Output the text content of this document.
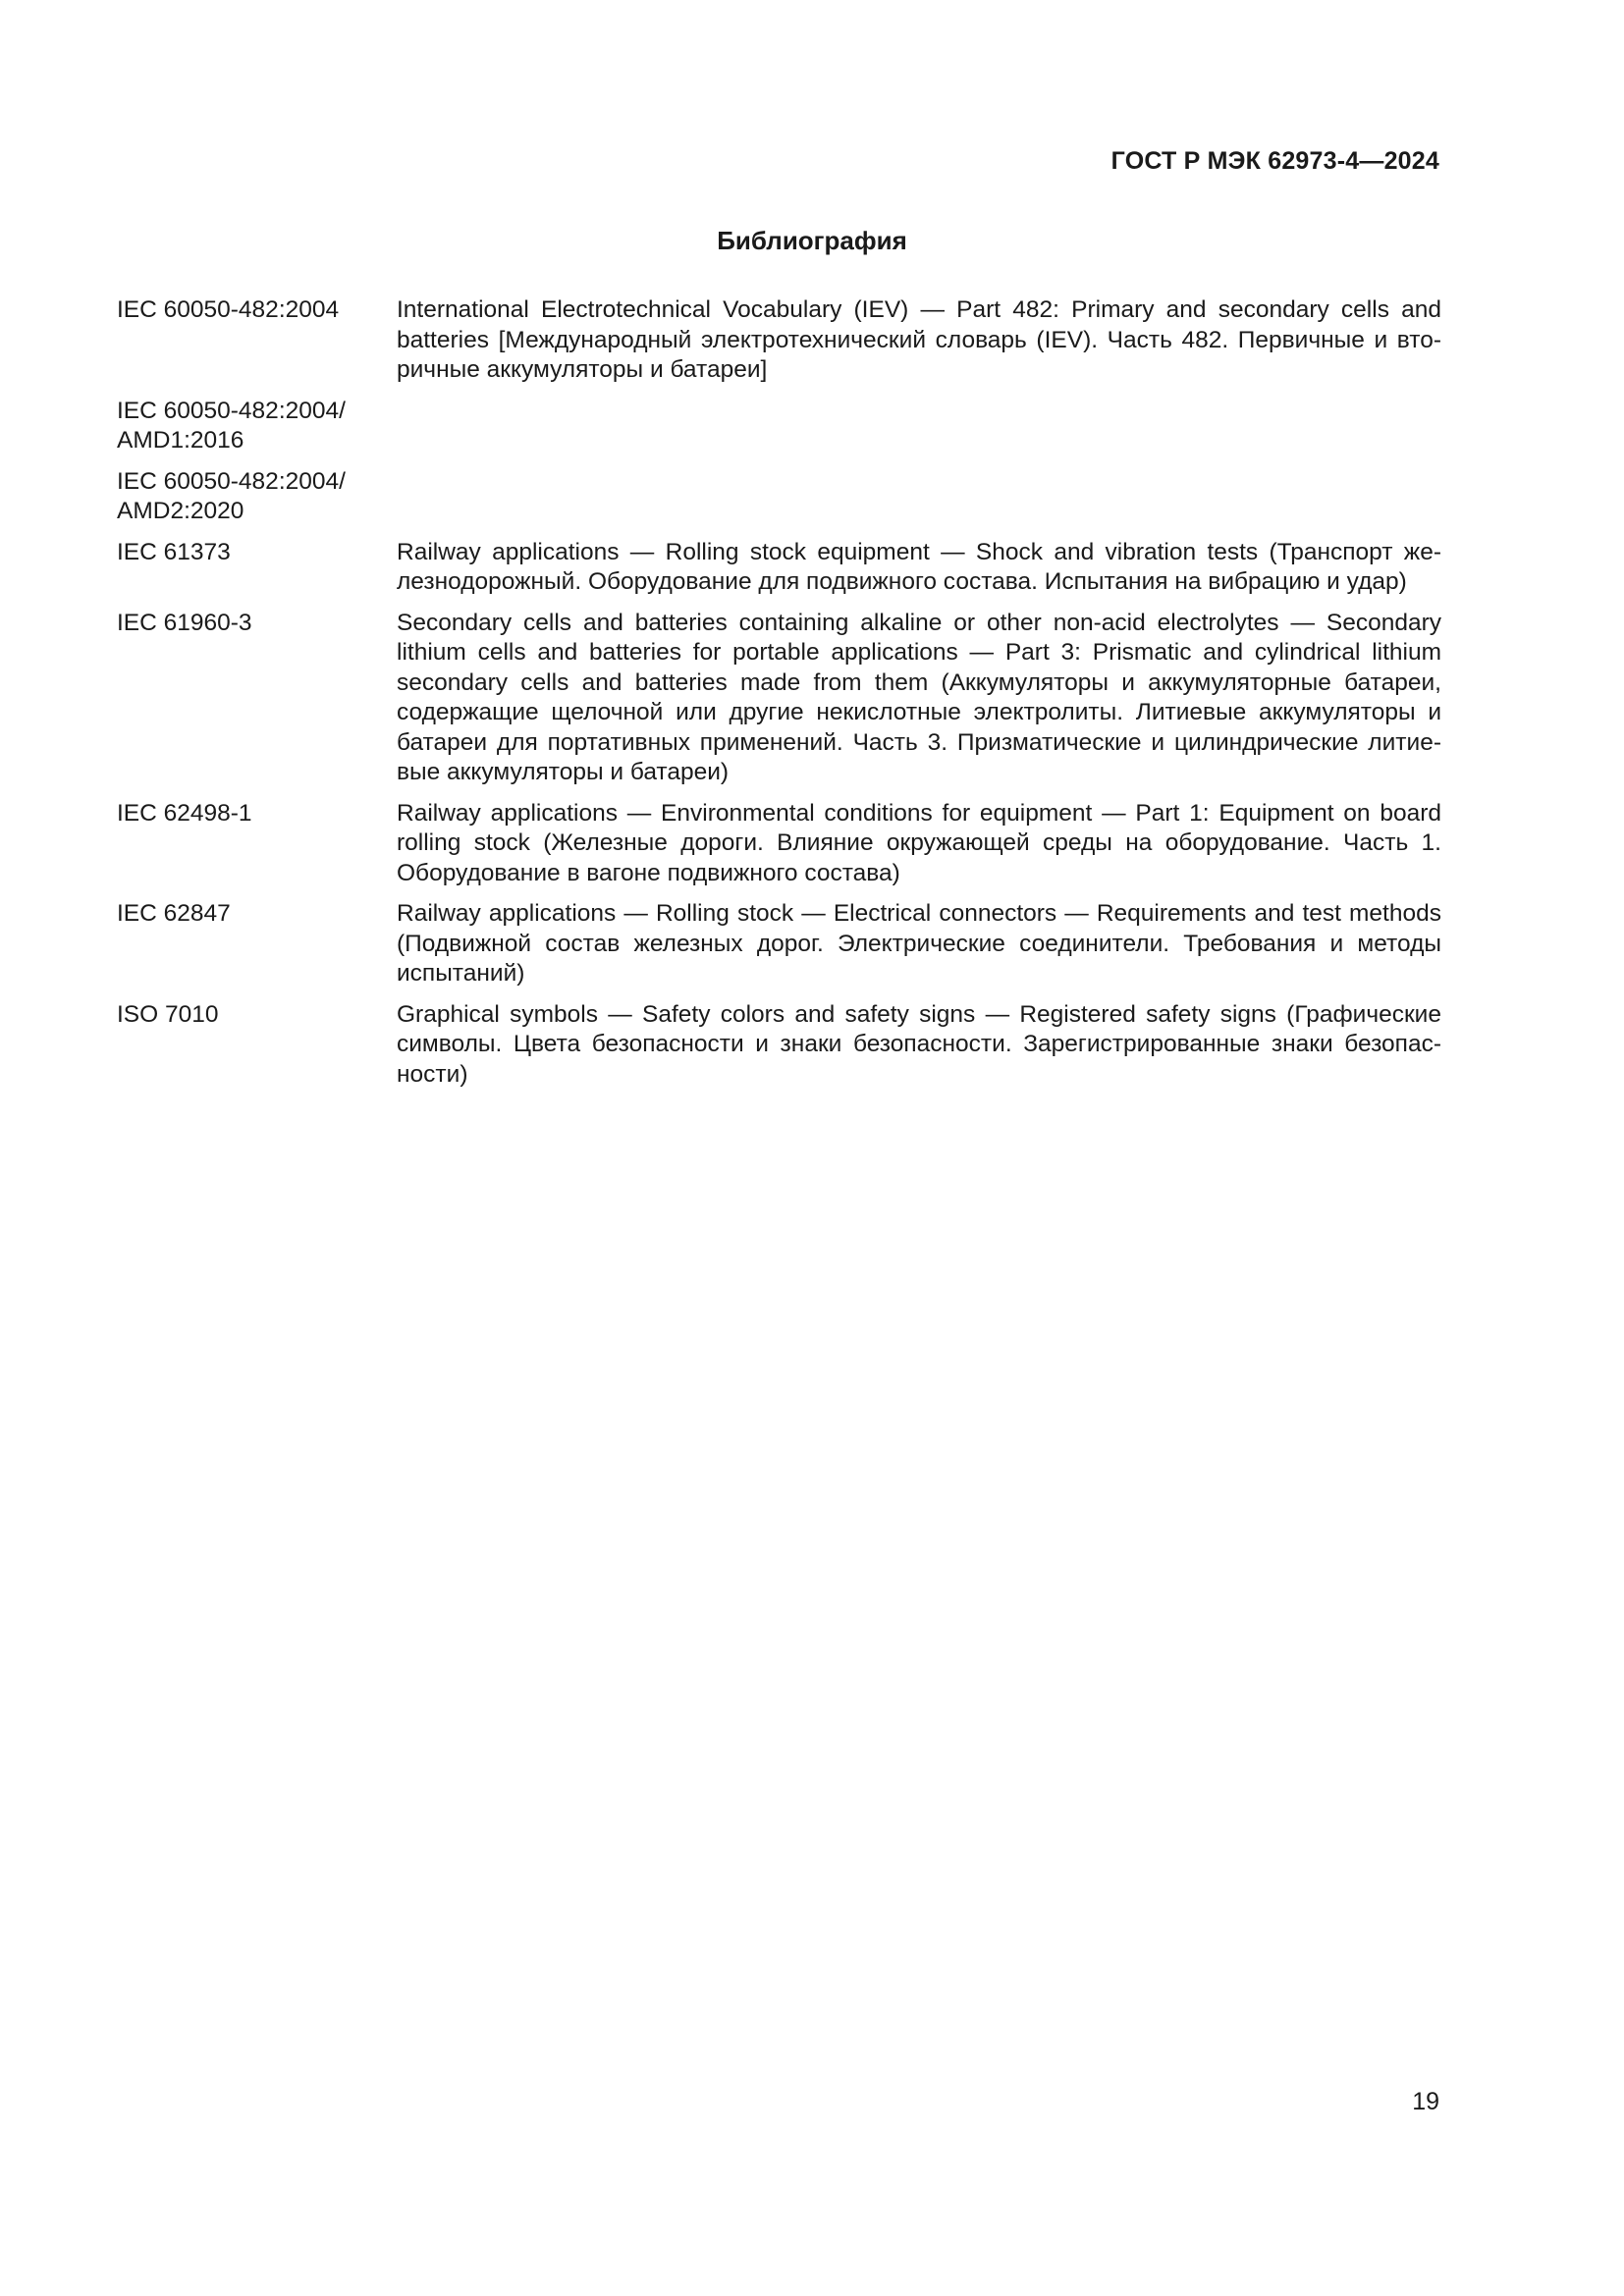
ГОСТ Р МЭК 62973-4—2024
Библиография
IEC 60050-482:2004	International Electrotechnical Vocabulary (IEV) — Part 482: Primary and secondary cells and batteries [Международный электротехнический словарь (IEV). Часть 482. Первичные и вторичные аккумуляторы и батареи]
IEC 60050-482:2004/ AMD1:2016
IEC 60050-482:2004/ AMD2:2020
IEC 61373	Railway applications — Rolling stock equipment — Shock and vibration tests (Транспорт железнодорожный. Оборудование для подвижного состава. Испытания на вибрацию и удар)
IEC 61960-3	Secondary cells and batteries containing alkaline or other non-acid electrolytes — Secondary lithium cells and batteries for portable applications — Part 3: Prismatic and cylindrical lithium secondary cells and batteries made from them (Аккумуляторы и аккумуляторные батареи, содержащие щелочной или другие некислотные электролиты. Литиевые аккумуляторы и батареи для портативных применений. Часть 3. Призматические и цилиндрические литиевые аккумуляторы и батареи)
IEC 62498-1	Railway applications — Environmental conditions for equipment — Part 1: Equipment on board rolling stock (Железные дороги. Влияние окружающей среды на оборудование. Часть 1. Оборудование в вагоне подвижного состава)
IEC 62847	Railway applications — Rolling stock — Electrical connectors — Requirements and test methods (Подвижной состав железных дорог. Электрические соединители. Требования и методы испытаний)
ISO 7010	Graphical symbols — Safety colors and safety signs — Registered safety signs (Графические символы. Цвета безопасности и знаки безопасности. Зарегистрированные знаки безопасности)
19
